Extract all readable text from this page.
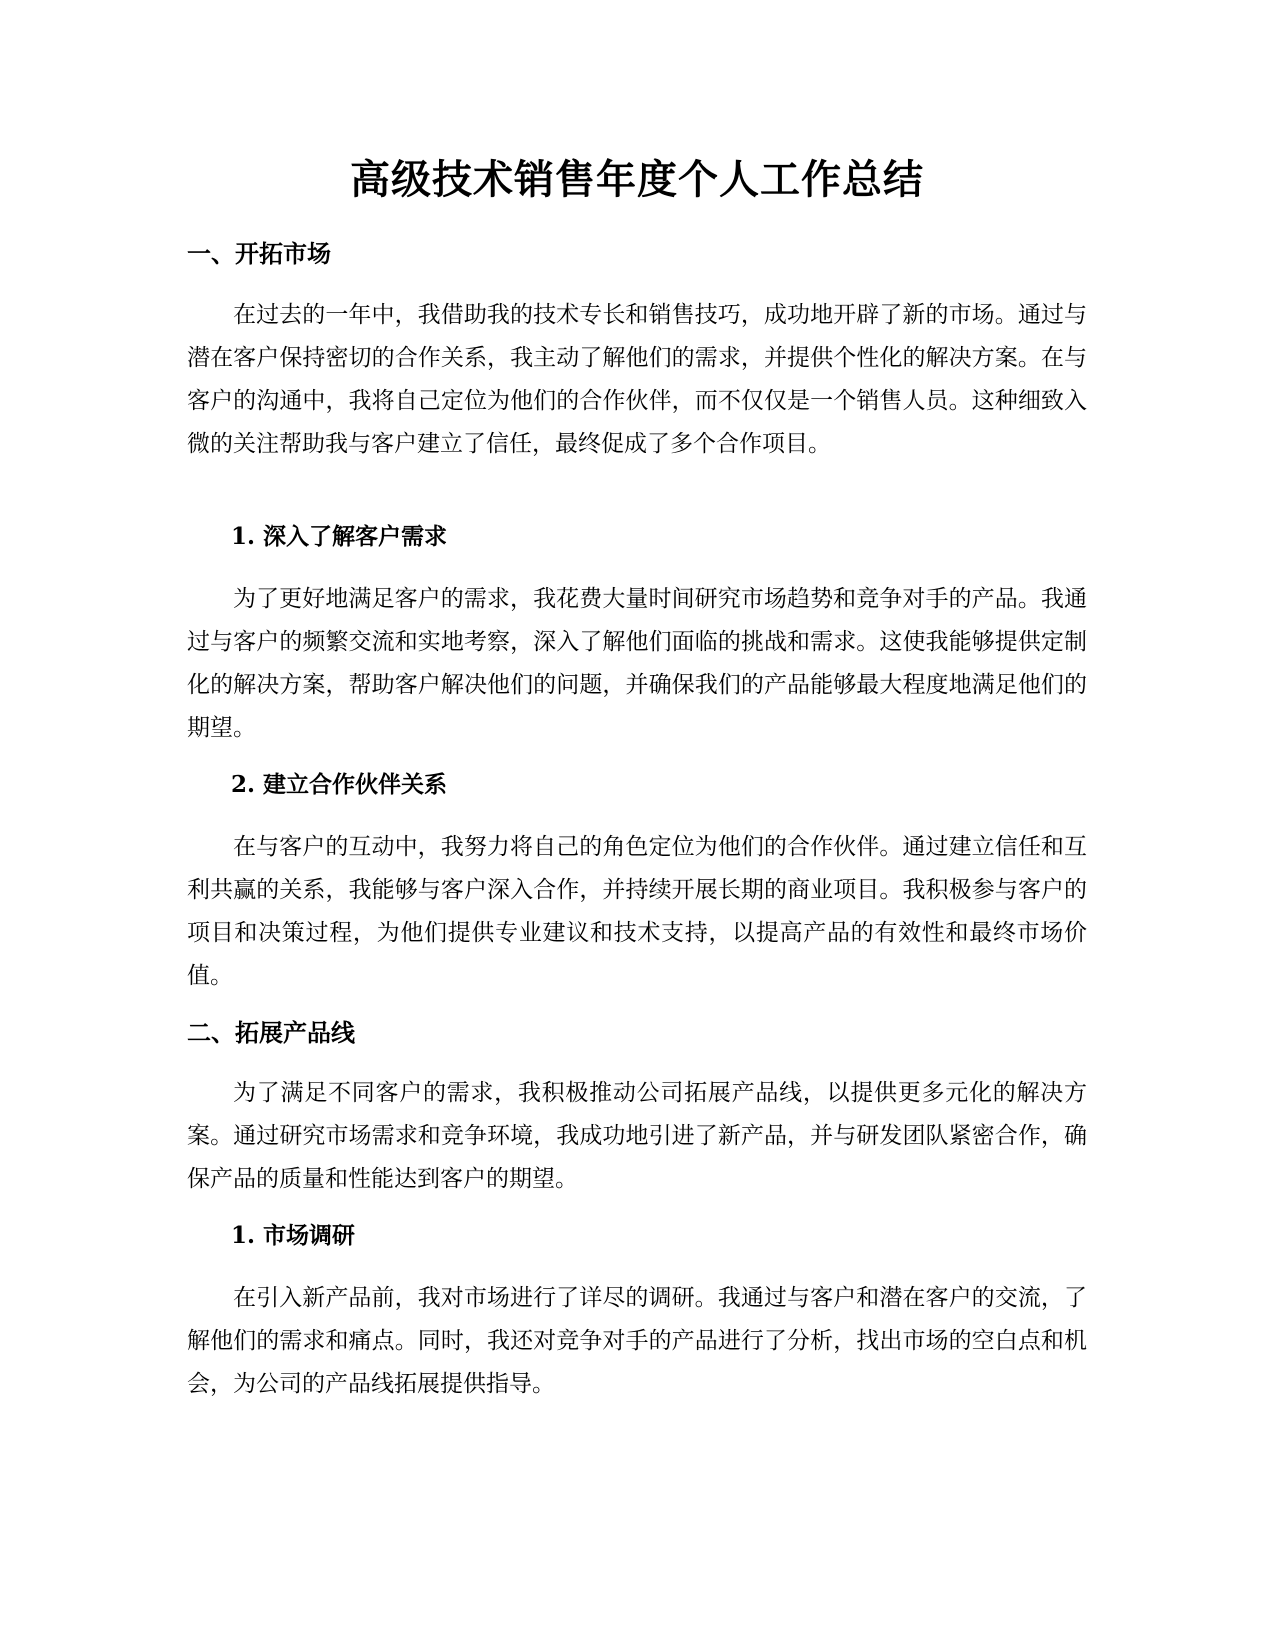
高级技术销售年度个人工作总结
一、开拓市场

在过去的一年中，我借助我的技术专长和销售技巧，成功地开辟了新的市场。通过与潜在客户保持密切的合作关系，我主动了解他们的需求，并提供个性化的解决方案。在与客户的沟通中，我将自己定位为他们的合作伙伴，而不仅仅是一个销售人员。这种细致入微的关注帮助我与客户建立了信任，最终促成了多个合作项目。

1. 深入了解客户需求

为了更好地满足客户的需求，我花费大量时间研究市场趋势和竞争对手的产品。我通过与客户的频繁交流和实地考察，深入了解他们面临的挑战和需求。这使我能够提供定制化的解决方案，帮助客户解决他们的问题，并确保我们的产品能够最大程度地满足他们的期望。

2. 建立合作伙伴关系

在与客户的互动中，我努力将自己的角色定位为他们的合作伙伴。通过建立信任和互利共赢的关系，我能够与客户深入合作，并持续开展长期的商业项目。我积极参与客户的项目和决策过程，为他们提供专业建议和技术支持，以提高产品的有效性和最终市场价值。

二、拓展产品线

为了满足不同客户的需求，我积极推动公司拓展产品线，以提供更多元化的解决方案。通过研究市场需求和竞争环境，我成功地引进了新产品，并与研发团队紧密合作，确保产品的质量和性能达到客户的期望。

1. 市场调研

在引入新产品前，我对市场进行了详尽的调研。我通过与客户和潜在客户的交流，了解他们的需求和痛点。同时，我还对竞争对手的产品进行了分析，找出市场的空白点和机会，为公司的产品线拓展提供指导。
